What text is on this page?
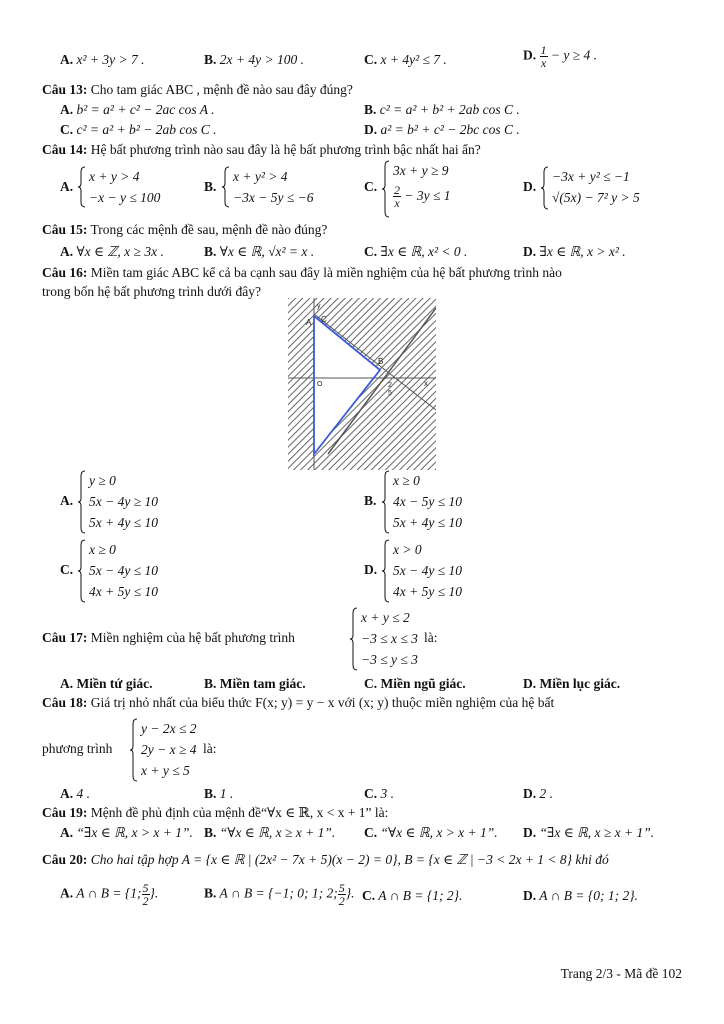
A. x² + 3y > 7 .	B. 2x + 4y > 100 .	C. x + 4y² ≤ 7 .	D. $\frac{1}{x} - y \ge 4$ .
Câu 13: Cho tam giác ABC , mệnh đề nào sau đây đúng?
A. b² = a² + c² − 2ac cos A .	B. c² = a² + b² + 2ab cos C .
C. c² = a² + b² − 2ab cos C .	D. a² = b² + c² − 2bc cos C .
Câu 14: Hệ bất phương trình nào sau đây là hệ bất phương trình bậc nhất hai ẩn?
A.
x + y > 4
−x − y ≤ 100
B.
x + y² > 4
−3x − 5y ≤ −6
C.
3x + y ≥ 9
$\frac{2}{x} - 3y \le 1$
D.
−3x + y² ≤ −1
√(5x) − 7² y > 5
Câu 15: Trong các mệnh đề sau, mệnh đề nào đúng?
A. ∀x ∈ ℤ, x ≥ 3x .	B. ∀x ∈ ℝ, √x² = x .	C. ∃x ∈ ℝ, x² < 0 .	D. ∃x ∈ ℝ, x > x² .
Câu 16: Miền tam giác ABC kể cả ba cạnh sau đây là miền nghiệm của hệ bất phương trình nào
trong bốn hệ bất phương trình dưới đây?
A C
B
O
y
x
2
5
A.
y ≥ 0
5x − 4y ≥ 10
5x + 4y ≤ 10
B.
x ≥ 0
4x − 5y ≤ 10
5x + 4y ≤ 10
C.
x ≥ 0
5x − 4y ≤ 10
4x + 5y ≤ 10
D.
x > 0
5x − 4y ≤ 10
4x + 5y ≤ 10
Câu 17: Miền nghiệm của hệ bất phương trình
x + y ≤ 2
−3 ≤ x ≤ 3
−3 ≤ y ≤ 3
là:
A. Miền tứ giác.	B. Miền tam giác.	C. Miền ngũ giác.	D. Miền lục giác.
Câu 18: Giá trị nhỏ nhất của biểu thức F(x; y) = y − x với (x; y) thuộc miền nghiệm của hệ bất
phương trình
y − 2x ≤ 2
2y − x ≥ 4
x + y ≤ 5
là:
A. 4 .	B. 1 .	C. 3 .	D. 2 .
Câu 19: Mệnh đề phủ định của mệnh đề“∀x ∈ ℝ, x < x + 1” là:
A. “∃x ∈ ℝ, x > x + 1”. B. “∀x ∈ ℝ, x ≥ x + 1”. C. “∀x ∈ ℝ, x > x + 1”. D. “∃x ∈ ℝ, x ≥ x + 1”.
Câu 20: Cho hai tập hợp A = {x ∈ ℝ | (2x² − 7x + 5)(x − 2) = 0}, B = {x ∈ ℤ | −3 < 2x + 1 < 8} khi đó
A. A ∩ B = {1; $\frac{5}{2}$ }.	B. A ∩ B = {−1; 0; 1; 2; $\frac{5}{2}$ }. C. A ∩ B = {1; 2}.	D. A ∩ B = {0; 1; 2}.
Trang 2/3 - Mã đề 102
